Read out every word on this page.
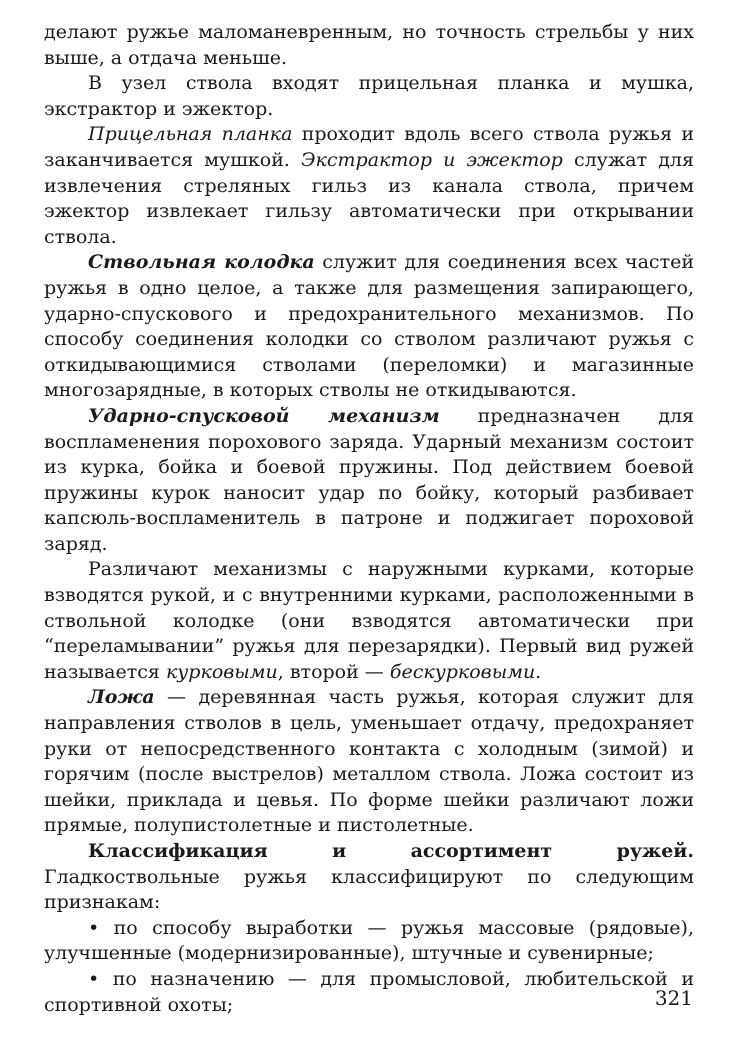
делают ружье маломаневренным, но точность стрельбы у них выше, а отдача меньше.

В узел ствола входят прицельная планка и мушка, экстрактор и эжектор.

Прицельная планка проходит вдоль всего ствола ружья и заканчивается мушкой. Экстрактор и эжектор служат для извлечения стреляных гильз из канала ствола, причем эжектор извлекает гильзу автоматически при открывании ствола.

Ствольная колодка служит для соединения всех частей ружья в одно целое, а также для размещения запирающего, ударно-спускового и предохранительного механизмов. По способу соединения колодки со стволом различают ружья с откидывающимися стволами (переломки) и магазинные многозарядные, в которых стволы не откидываются.

Ударно-спусковой механизм предназначен для воспламенения порохового заряда. Ударный механизм состоит из курка, бойка и боевой пружины. Под действием боевой пружины курок наносит удар по бойку, который разбивает капсюль-воспламенитель в патроне и поджигает пороховой заряд.

Различают механизмы с наружными курками, которые взводятся рукой, и с внутренними курками, расположенными в ствольной колодке (они взводятся автоматически при “переламывании” ружья для перезарядки). Первый вид ружей называется курковыми, второй — бескурковыми.

Ложа — деревянная часть ружья, которая служит для направления стволов в цель, уменьшает отдачу, предохраняет руки от непосредственного контакта с холодным (зимой) и горячим (после выстрелов) металлом ствола. Ложа состоит из шейки, приклада и цевья. По форме шейки различают ложи прямые, полупистолетные и пистолетные.

Классификация и ассортимент ружей. Гладкоствольные ружья классифицируют по следующим признакам:

• по способу выработки — ружья массовые (рядовые), улучшенные (модернизированные), штучные и сувенирные;

• по назначению — для промысловой, любительской и спортивной охоты;	321
